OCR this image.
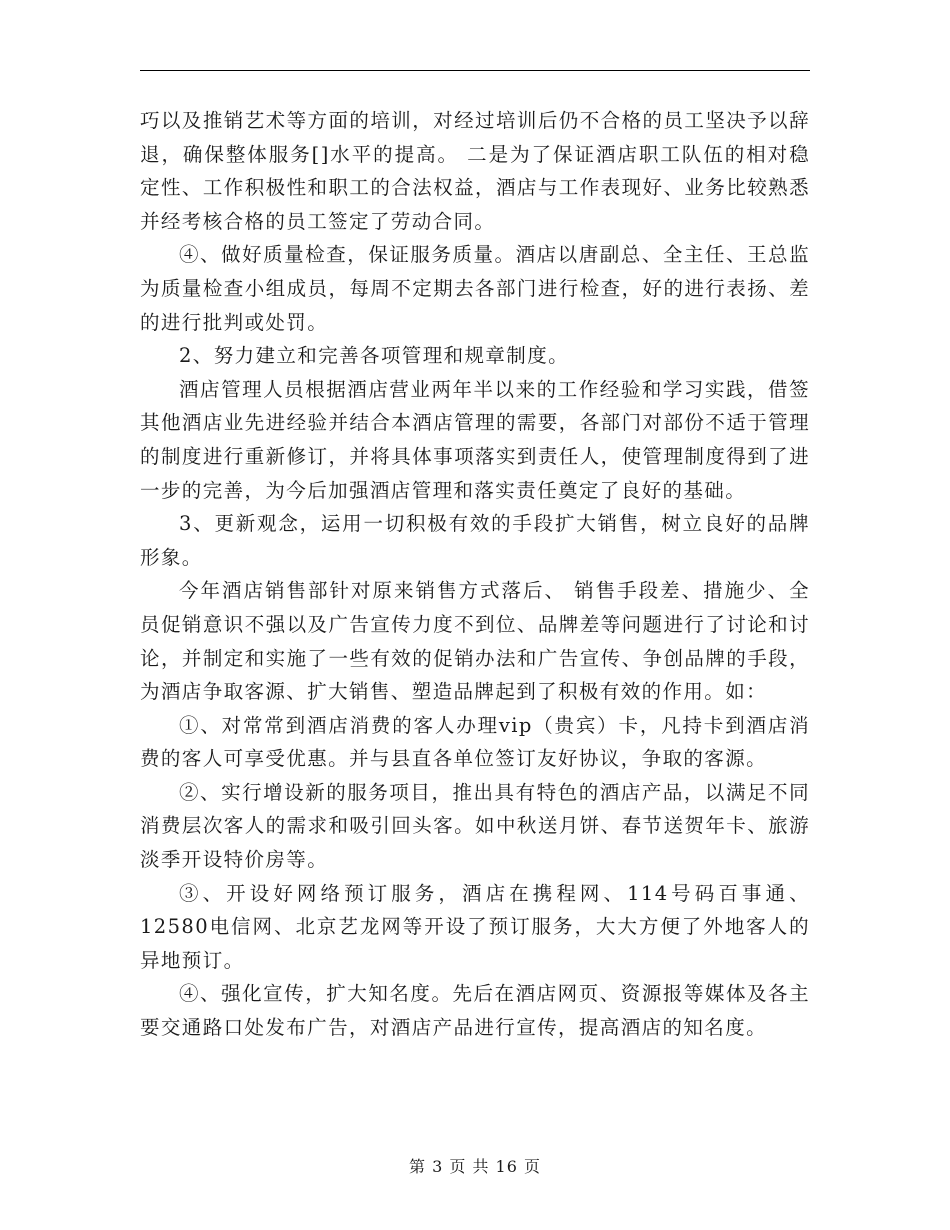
巧以及推销艺术等方面的培训，对经过培训后仍不合格的员工坚决予以辞退，确保整体服务[]水平的提高。 二是为了保证酒店职工队伍的相对稳定性、工作积极性和职工的合法权益，酒店与工作表现好、业务比较熟悉并经考核合格的员工签定了劳动合同。

④、做好质量检查，保证服务质量。酒店以唐副总、全主任、王总监为质量检查小组成员，每周不定期去各部门进行检查，好的进行表扬、差的进行批判或处罚。

2、努力建立和完善各项管理和规章制度。

酒店管理人员根据酒店营业两年半以来的工作经验和学习实践，借签其他酒店业先进经验并结合本酒店管理的需要，各部门对部份不适于管理的制度进行重新修订，并将具体事项落实到责任人，使管理制度得到了进一步的完善，为今后加强酒店管理和落实责任奠定了良好的基础。

3、更新观念，运用一切积极有效的手段扩大销售，树立良好的品牌形象。

今年酒店销售部针对原来销售方式落后、 销售手段差、措施少、全员促销意识不强以及广告宣传力度不到位、品牌差等问题进行了讨论和讨论，并制定和实施了一些有效的促销办法和广告宣传、争创品牌的手段，为酒店争取客源、扩大销售、塑造品牌起到了积极有效的作用。如：

①、对常常到酒店消费的客人办理vip（贵宾）卡，凡持卡到酒店消费的客人可享受优惠。并与县直各单位签订友好协议，争取的客源。

②、实行增设新的服务项目，推出具有特色的酒店产品，以满足不同消费层次客人的需求和吸引回头客。如中秋送月饼、春节送贺年卡、旅游淡季开设特价房等。

③、开设好网络预订服务，酒店在携程网、114号码百事通、12580电信网、北京艺龙网等开设了预订服务，大大方便了外地客人的异地预订。

④、强化宣传，扩大知名度。先后在酒店网页、资源报等媒体及各主要交通路口处发布广告，对酒店产品进行宣传，提高酒店的知名度。

第 3 页 共 16 页
